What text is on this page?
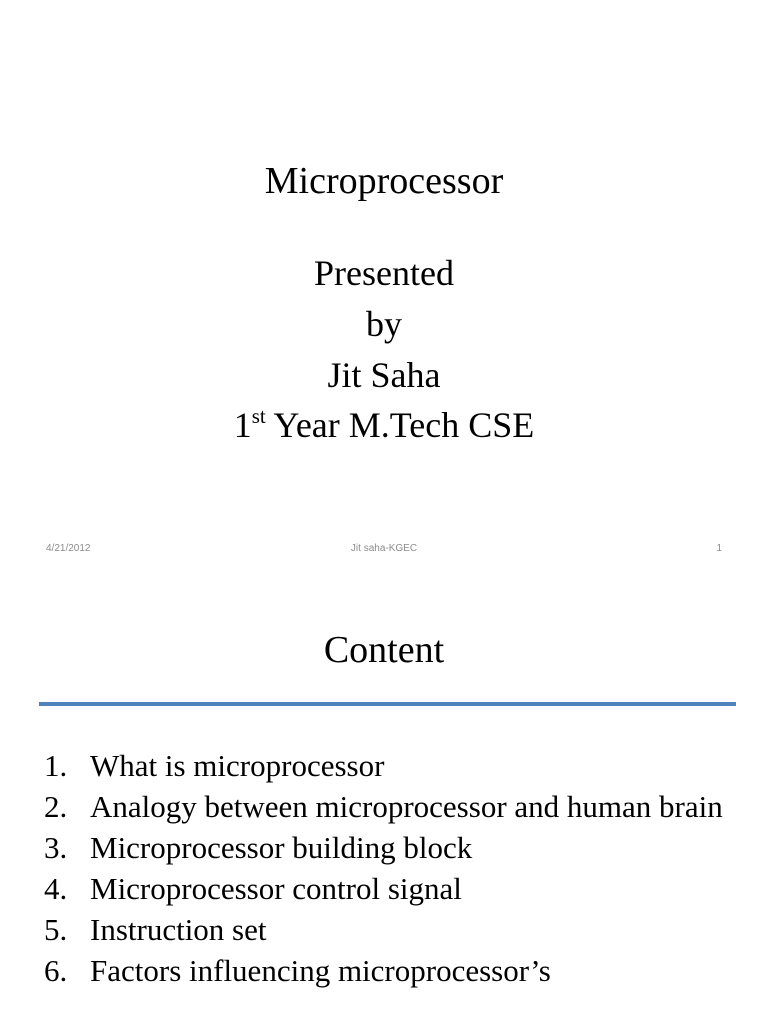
Microprocessor
Presented
by
Jit Saha
1st Year M.Tech CSE
4/21/2012	Jit saha-KGEC	1
Content
1. What is microprocessor
2. Analogy between microprocessor and human brain
3. Microprocessor building block
4. Microprocessor control signal
5. Instruction set
6. Factors influencing microprocessor’s
